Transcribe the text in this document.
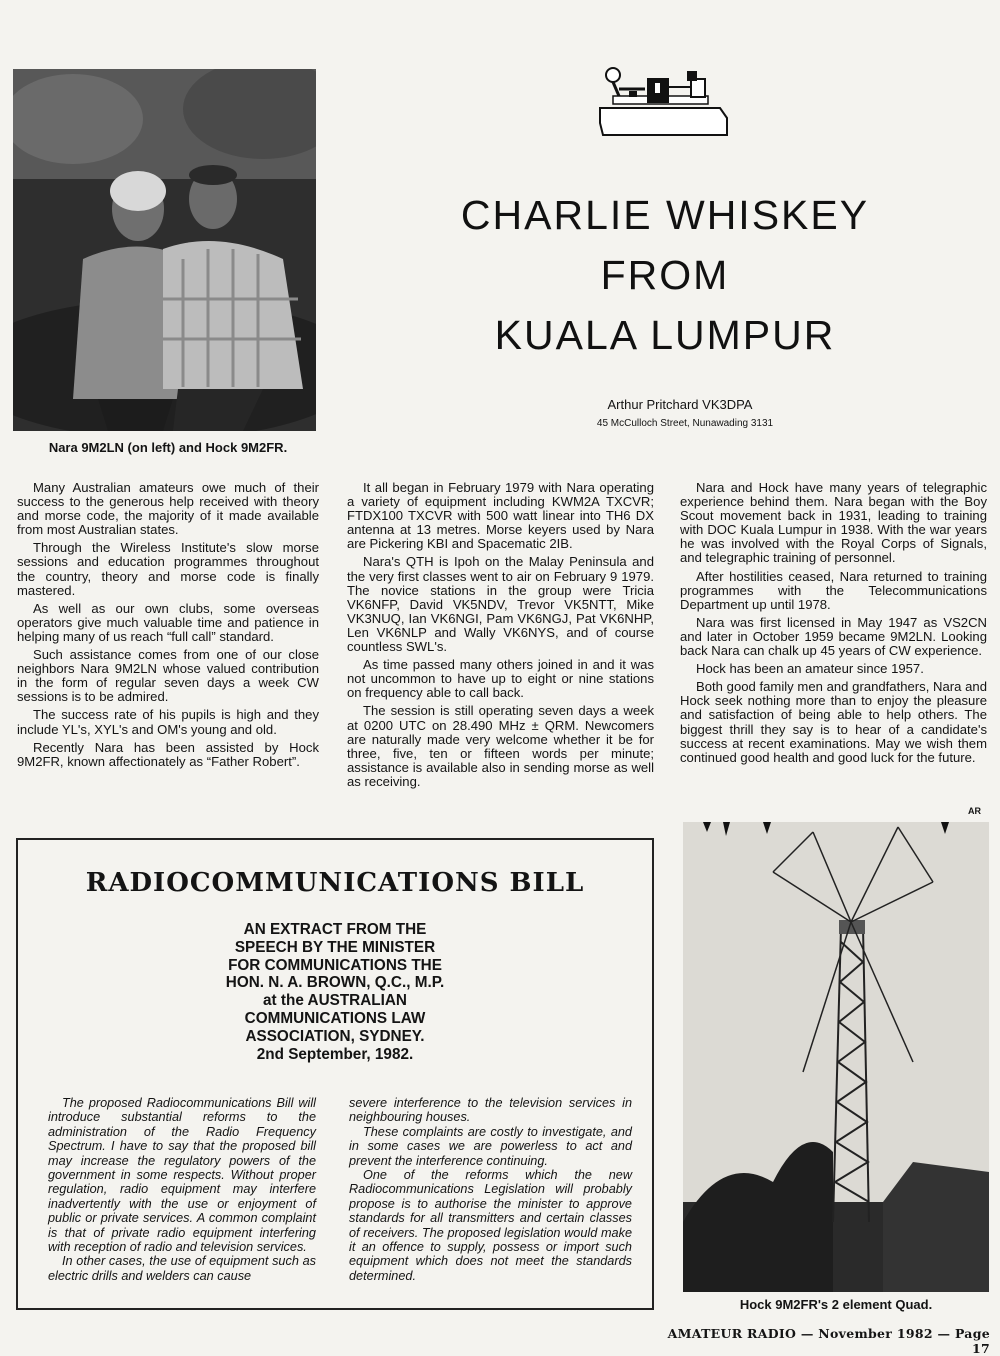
Nara 9M2LN (on left) and Hock 9M2FR.
CHARLIE WHISKEY
FROM
KUALA LUMPUR
Arthur Pritchard VK3DPA
45 McCulloch Street, Nunawading 3131

Many Australian amateurs owe much of their success to the generous help received with theory and morse code, the majority of it made available from most Australian states.

Through the Wireless Institute's slow morse sessions and education programmes throughout the country, theory and morse code is finally mastered.

As well as our own clubs, some overseas operators give much valuable time and patience in helping many of us reach “full call” standard.

Such assistance comes from one of our close neighbors Nara 9M2LN whose valued contribution in the form of regular seven days a week CW sessions is to be admired.

The success rate of his pupils is high and they include YL's, XYL's and OM's young and old.

Recently Nara has been assisted by Hock 9M2FR, known affectionately as “Father Robert”.

It all began in February 1979 with Nara operating a variety of equipment including KWM2A TXCVR; FTDX100 TXCVR with 500 watt linear into TH6 DX antenna at 13 metres. Morse keyers used by Nara are Pickering KBI and Spacematic 2IB.

Nara's QTH is Ipoh on the Malay Peninsula and the very first classes went to air on February 9 1979. The novice stations in the group were Tricia VK6NFP, David VK5NDV, Trevor VK5NTT, Mike VK3NUQ, Ian VK6NGI, Pam VK6NGJ, Pat VK6NHP, Len VK6NLP and Wally VK6NYS, and of course countless SWL's.

As time passed many others joined in and it was not uncommon to have up to eight or nine stations on frequency able to call back.

The session is still operating seven days a week at 0200 UTC on 28.490 MHz ± QRM. Newcomers are naturally made very welcome whether it be for three, five, ten or fifteen words per minute; assistance is available also in sending morse as well as receiving.

Nara and Hock have many years of telegraphic experience behind them. Nara began with the Boy Scout movement back in 1931, leading to training with DOC Kuala Lumpur in 1938. With the war years he was involved with the Royal Corps of Signals, and telegraphic training of personnel.

After hostilities ceased, Nara returned to training programmes with the Telecommunications Department up until 1978.

Nara was first licensed in May 1947 as VS2CN and later in October 1959 became 9M2LN. Looking back Nara can chalk up 45 years of CW experience.

Hock has been an amateur since 1957.

Both good family men and grandfathers, Nara and Hock seek nothing more than to enjoy the pleasure and satisfaction of being able to help others. The biggest thrill they say is to hear of a candidate's success at recent examinations. May we wish them continued good health and good luck for the future.

AR
RADIOCOMMUNICATIONS BILL
AN EXTRACT FROM THE
SPEECH BY THE MINISTER
FOR COMMUNICATIONS THE
HON. N. A. BROWN, Q.C., M.P.
at the AUSTRALIAN
COMMUNICATIONS LAW
ASSOCIATION, SYDNEY.
2nd September, 1982.

The proposed Radiocommunications Bill will introduce substantial reforms to the administration of the Radio Frequency Spectrum. I have to say that the proposed bill may increase the regulatory powers of the government in some respects. Without proper regulation, radio equipment may interfere inadvertently with the use or enjoyment of public or private services. A common complaint is that of private radio equipment interfering with reception of radio and television services.

In other cases, the use of equipment such as electric drills and welders can cause

severe interference to the television services in neighbouring houses.

These complaints are costly to investigate, and in some cases we are powerless to act and prevent the interference continuing.

One of the reforms which the new Radiocommunications Legislation will probably propose is to authorise the minister to approve standards for all transmitters and certain classes of receivers. The proposed legislation would make it an offence to supply, possess or import such equipment which does not meet the standards determined.

Hock 9M2FR's 2 element Quad.
AMATEUR RADIO — November 1982 — Page 17
